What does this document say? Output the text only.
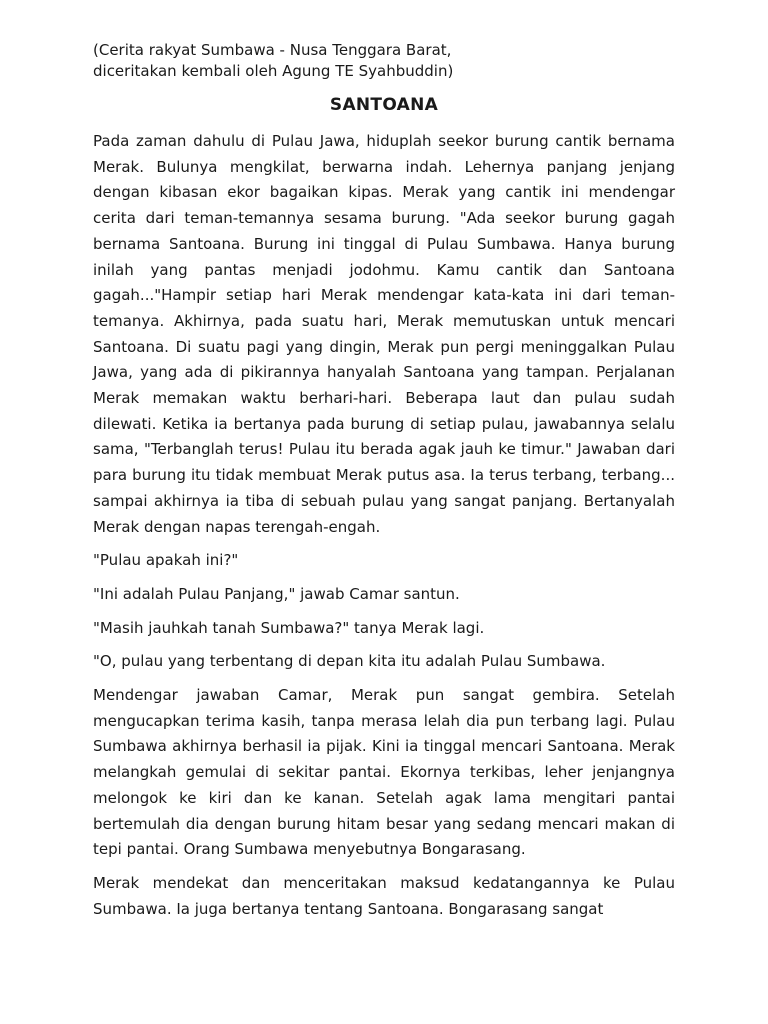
(Cerita rakyat Sumbawa - Nusa Tenggara Barat,
diceritakan kembali oleh Agung TE Syahbuddin)

SANTOANA

Pada zaman dahulu di Pulau Jawa, hiduplah seekor burung cantik bernama Merak. Bulunya mengkilat, berwarna indah. Lehernya panjang jenjang dengan kibasan ekor bagaikan kipas. Merak yang cantik ini mendengar cerita dari teman-temannya sesama burung. "Ada seekor burung gagah bernama Santoana. Burung ini tinggal di Pulau Sumbawa. Hanya burung inilah yang pantas menjadi jodohmu. Kamu cantik dan Santoana gagah..."Hampir setiap hari Merak mendengar kata-kata ini dari teman-temanya. Akhirnya, pada suatu hari, Merak memutuskan untuk mencari Santoana. Di suatu pagi yang dingin, Merak pun pergi meninggalkan Pulau Jawa, yang ada di pikirannya hanyalah Santoana yang tampan. Perjalanan Merak memakan waktu berhari-hari. Beberapa laut dan pulau sudah dilewati. Ketika ia bertanya pada burung di setiap pulau, jawabannya selalu sama, "Terbanglah terus! Pulau itu berada agak jauh ke timur." Jawaban dari para burung itu tidak membuat Merak putus asa. Ia terus terbang, terbang... sampai akhirnya ia tiba di sebuah pulau yang sangat panjang. Bertanyalah Merak dengan napas terengah-engah.

"Pulau apakah ini?"

"Ini adalah Pulau Panjang," jawab Camar santun.

"Masih jauhkah tanah Sumbawa?" tanya Merak lagi.

"O, pulau yang terbentang di depan kita itu adalah Pulau Sumbawa.

Mendengar jawaban Camar, Merak pun sangat gembira. Setelah mengucapkan terima kasih, tanpa merasa lelah dia pun terbang lagi. Pulau Sumbawa akhirnya berhasil ia pijak. Kini ia tinggal mencari Santoana. Merak melangkah gemulai di sekitar pantai. Ekornya terkibas, leher jenjangnya melongok ke kiri dan ke kanan. Setelah agak lama mengitari pantai bertemulah dia dengan burung hitam besar yang sedang mencari makan di tepi pantai. Orang Sumbawa menyebutnya Bongarasang.

Merak mendekat dan menceritakan maksud kedatangannya ke Pulau Sumbawa. Ia juga bertanya tentang Santoana. Bongarasang sangat
